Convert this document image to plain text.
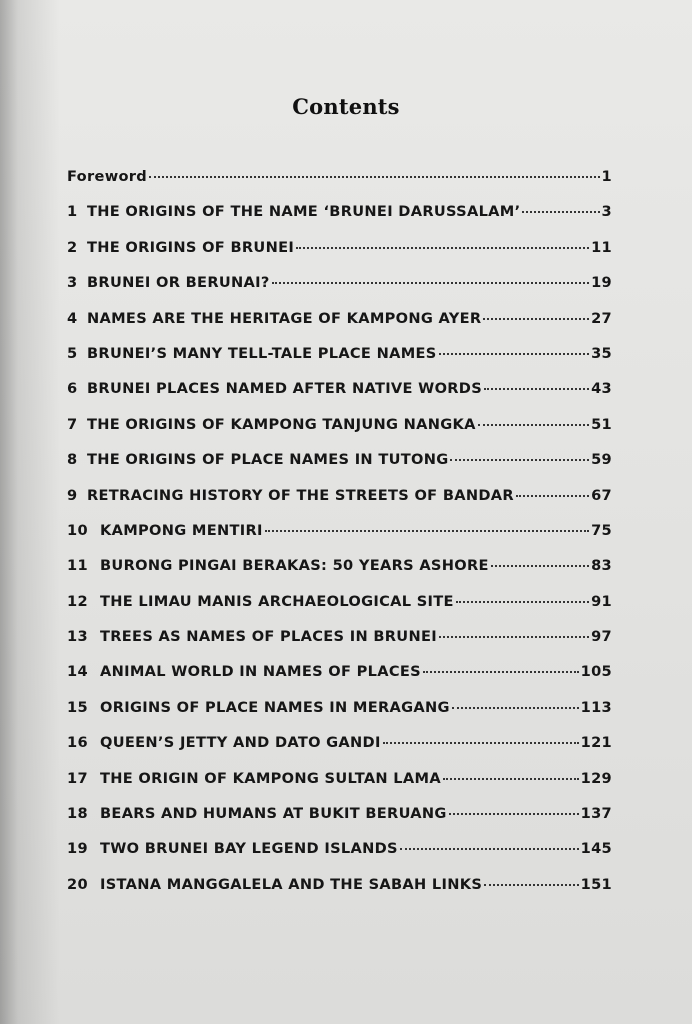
Contents
Foreword	1
1 THE ORIGINS OF THE NAME ‘BRUNEI DARUSSALAM’	3
2 THE ORIGINS OF BRUNEI	11
3 BRUNEI OR BERUNAI?	19
4 NAMES ARE THE HERITAGE OF KAMPONG AYER	27
5 BRUNEI’S MANY TELL-TALE PLACE NAMES	35
6 BRUNEI PLACES NAMED AFTER NATIVE WORDS	43
7 THE ORIGINS OF KAMPONG TANJUNG NANGKA	51
8 THE ORIGINS OF PLACE NAMES IN TUTONG	59
9 RETRACING HISTORY OF THE STREETS OF BANDAR	67
10 KAMPONG MENTIRI	75
11 BURONG PINGAI BERAKAS: 50 YEARS ASHORE	83
12 THE LIMAU MANIS ARCHAEOLOGICAL SITE	91
13 TREES AS NAMES OF PLACES IN BRUNEI	97
14 ANIMAL WORLD IN NAMES OF PLACES	105
15 ORIGINS OF PLACE NAMES IN MERAGANG	113
16 QUEEN’S JETTY AND DATO GANDI	121
17 THE ORIGIN OF KAMPONG SULTAN LAMA	129
18 BEARS AND HUMANS AT BUKIT BERUANG	137
19 TWO BRUNEI BAY LEGEND ISLANDS	145
20 ISTANA MANGGALELA AND THE SABAH LINKS	151
